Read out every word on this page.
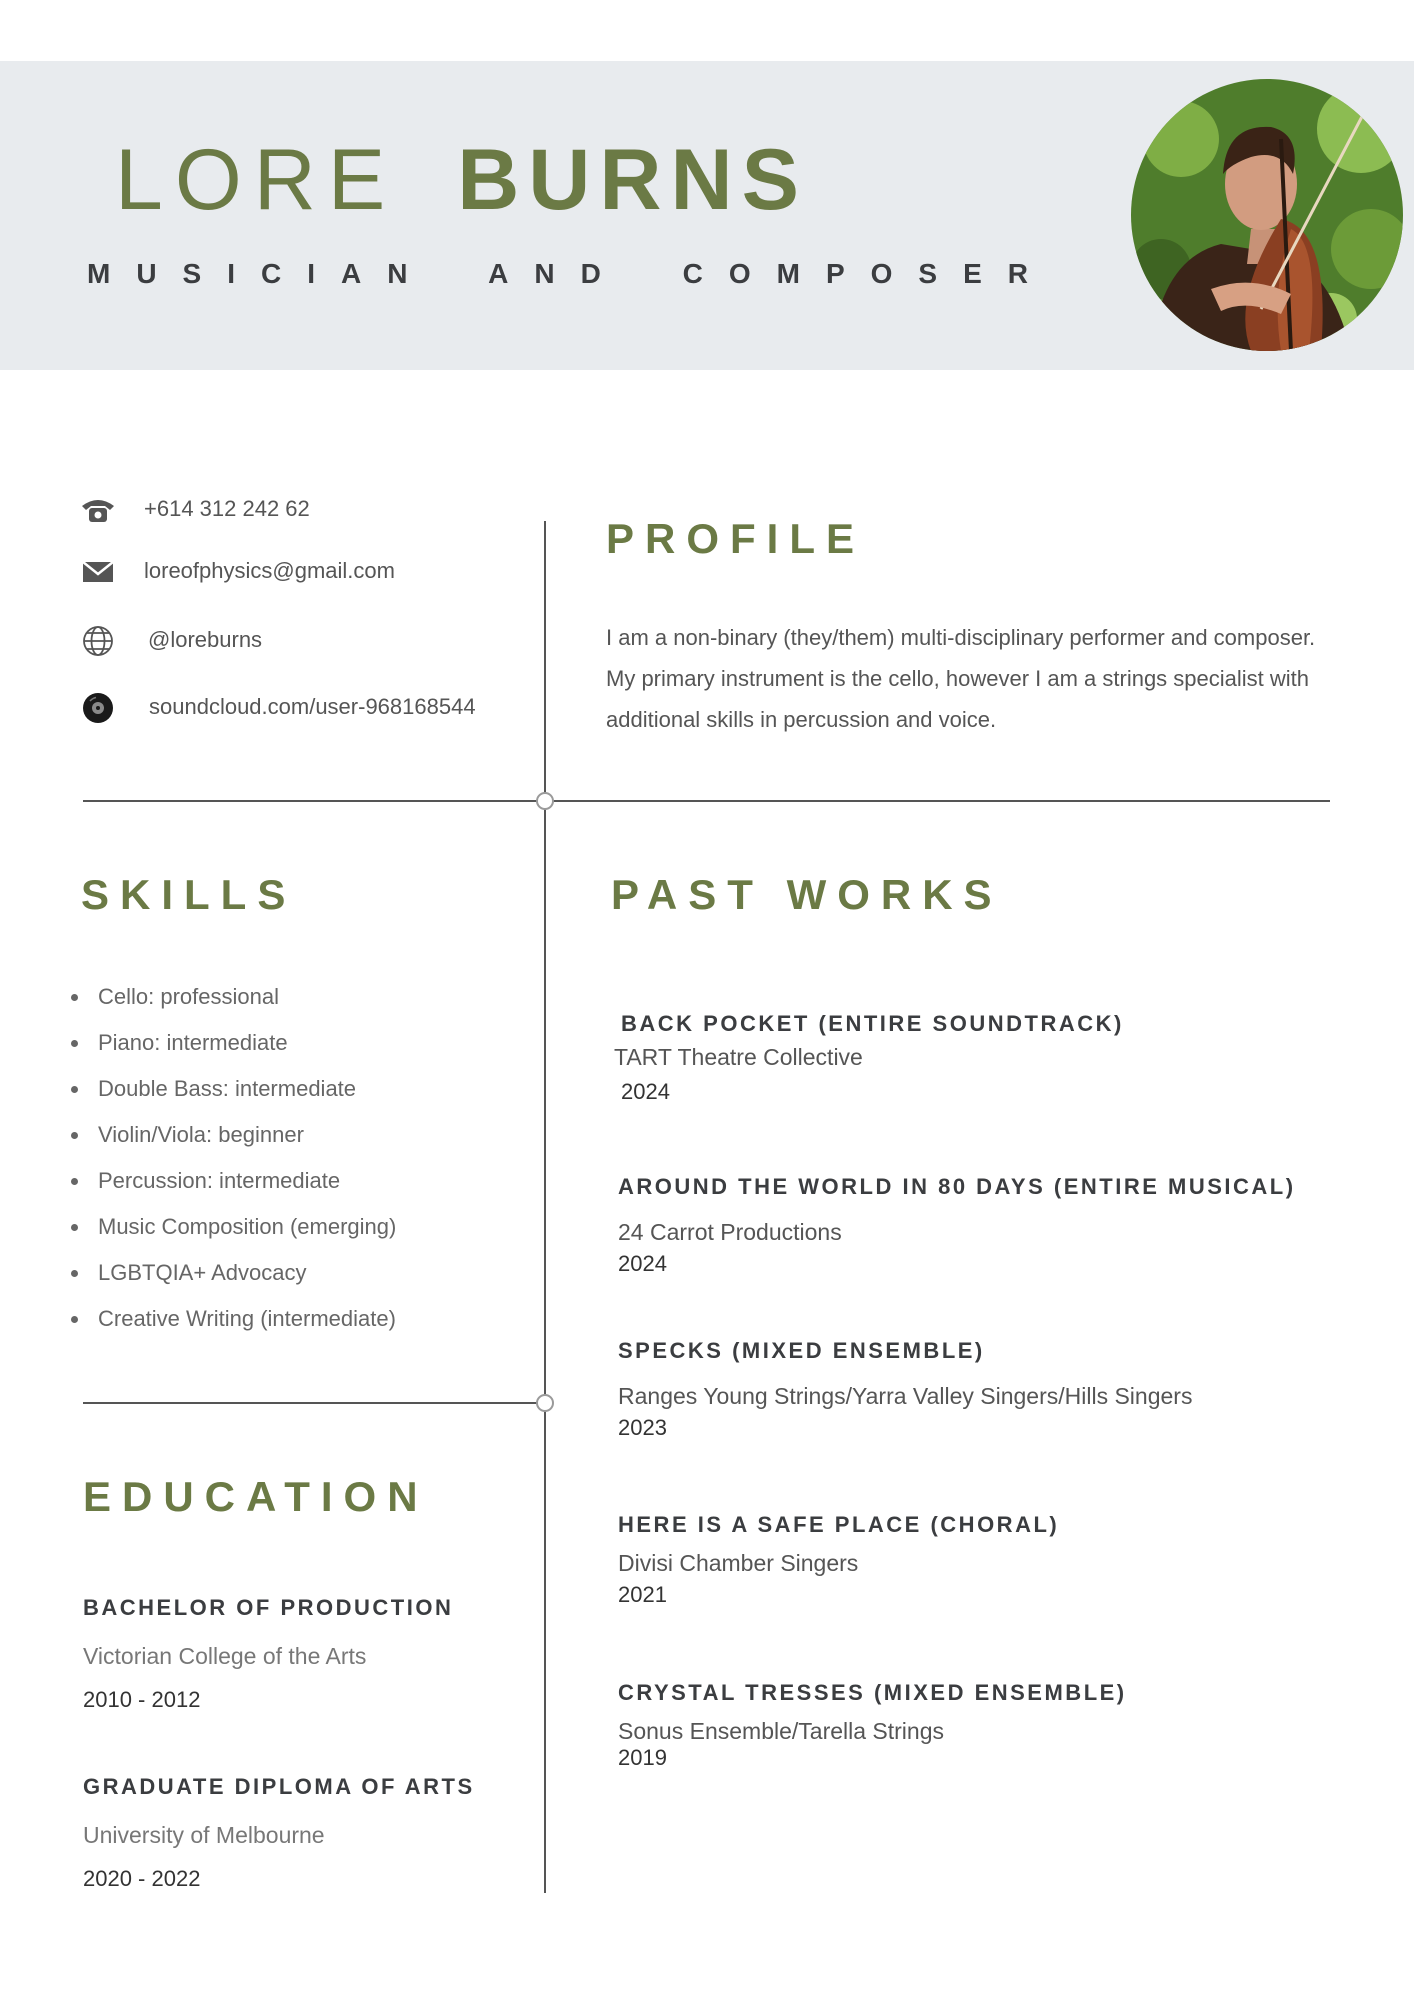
LORE BURNS

MUSICIAN AND COMPOSER

+614 312 242 62
loreofphysics@gmail.com
@loreburns
soundcloud.com/user-968168544
PROFILE

I am a non-binary (they/them) multi-disciplinary performer and composer. My primary instrument is the cello, however I am a strings specialist with additional skills in percussion and voice.

SKILLS
Cello: professional
Piano: intermediate
Double Bass: intermediate
Violin/Viola: beginner
Percussion: intermediate
Music Composition (emerging)
LGBTQIA+ Advocacy
Creative Writing (intermediate)
EDUCATION
BACHELOR OF PRODUCTION
Victorian College of the Arts
2010 - 2012
GRADUATE DIPLOMA OF ARTS
University of Melbourne
2020 - 2022
PAST WORKS
BACK POCKET (ENTIRE SOUNDTRACK)
TART Theatre Collective
2024
AROUND THE WORLD IN 80 DAYS (ENTIRE MUSICAL)
24 Carrot Productions
2024
SPECKS (MIXED ENSEMBLE)
Ranges Young Strings/Yarra Valley Singers/Hills Singers
2023
HERE IS A SAFE PLACE (CHORAL)
Divisi Chamber Singers
2021
CRYSTAL TRESSES (MIXED ENSEMBLE)
Sonus Ensemble/Tarella Strings
2019
